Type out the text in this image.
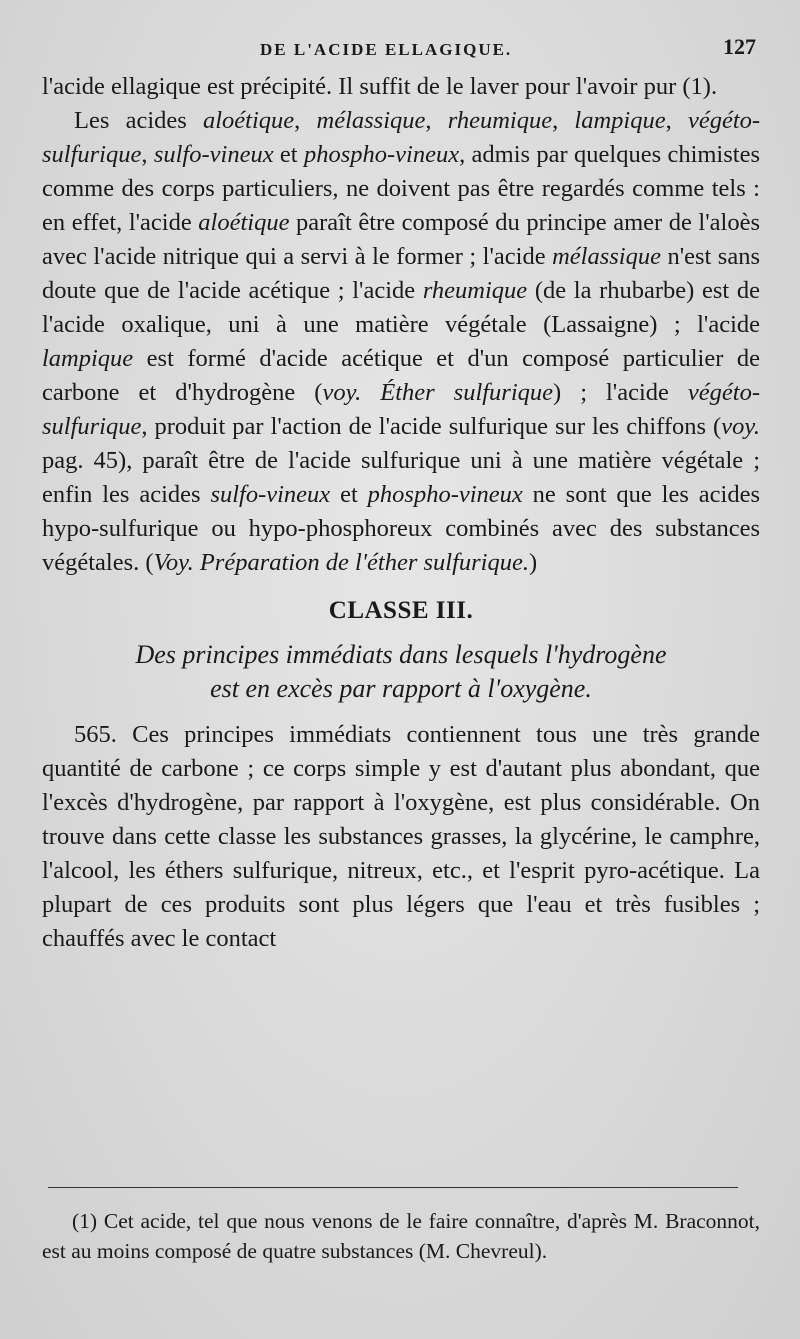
DE L'ACIDE ELLAGIQUE.	127

l'acide ellagique est précipité. Il suffit de le laver pour l'avoir pur (1).

Les acides aloétique, mélassique, rheumique, lampique, végéto-sulfurique, sulfo-vineux et phospho-vineux, admis par quelques chimistes comme des corps particuliers, ne doivent pas être regardés comme tels : en effet, l'acide aloétique paraît être composé du principe amer de l'aloès avec l'acide nitrique qui a servi à le former ; l'acide mélassique n'est sans doute que de l'acide acétique ; l'acide rheumique (de la rhubarbe) est de l'acide oxalique, uni à une matière végétale (Lassaigne) ; l'acide lampique est formé d'acide acétique et d'un composé particulier de carbone et d'hydrogène (voy. Éther sulfurique) ; l'acide végéto-sulfurique, produit par l'action de l'acide sulfurique sur les chiffons (voy. pag. 45), paraît être de l'acide sulfurique uni à une matière végétale ; enfin les acides sulfo-vineux et phospho-vineux ne sont que les acides hypo-sulfurique ou hypo-phosphoreux combinés avec des substances végétales. (Voy. Préparation de l'éther sulfurique.)

CLASSE III.
Des principes immédiats dans lesquels l'hydrogène
est en excès par rapport à l'oxygène.

565. Ces principes immédiats contiennent tous une très grande quantité de carbone ; ce corps simple y est d'autant plus abondant, que l'excès d'hydrogène, par rapport à l'oxygène, est plus considérable. On trouve dans cette classe les substances grasses, la glycérine, le camphre, l'alcool, les éthers sulfurique, nitreux, etc., et l'esprit pyro-acétique. La plupart de ces produits sont plus légers que l'eau et très fusibles ; chauffés avec le contact

(1) Cet acide, tel que nous venons de le faire connaître, d'après M. Braconnot, est au moins composé de quatre substances (M. Chevreul).
